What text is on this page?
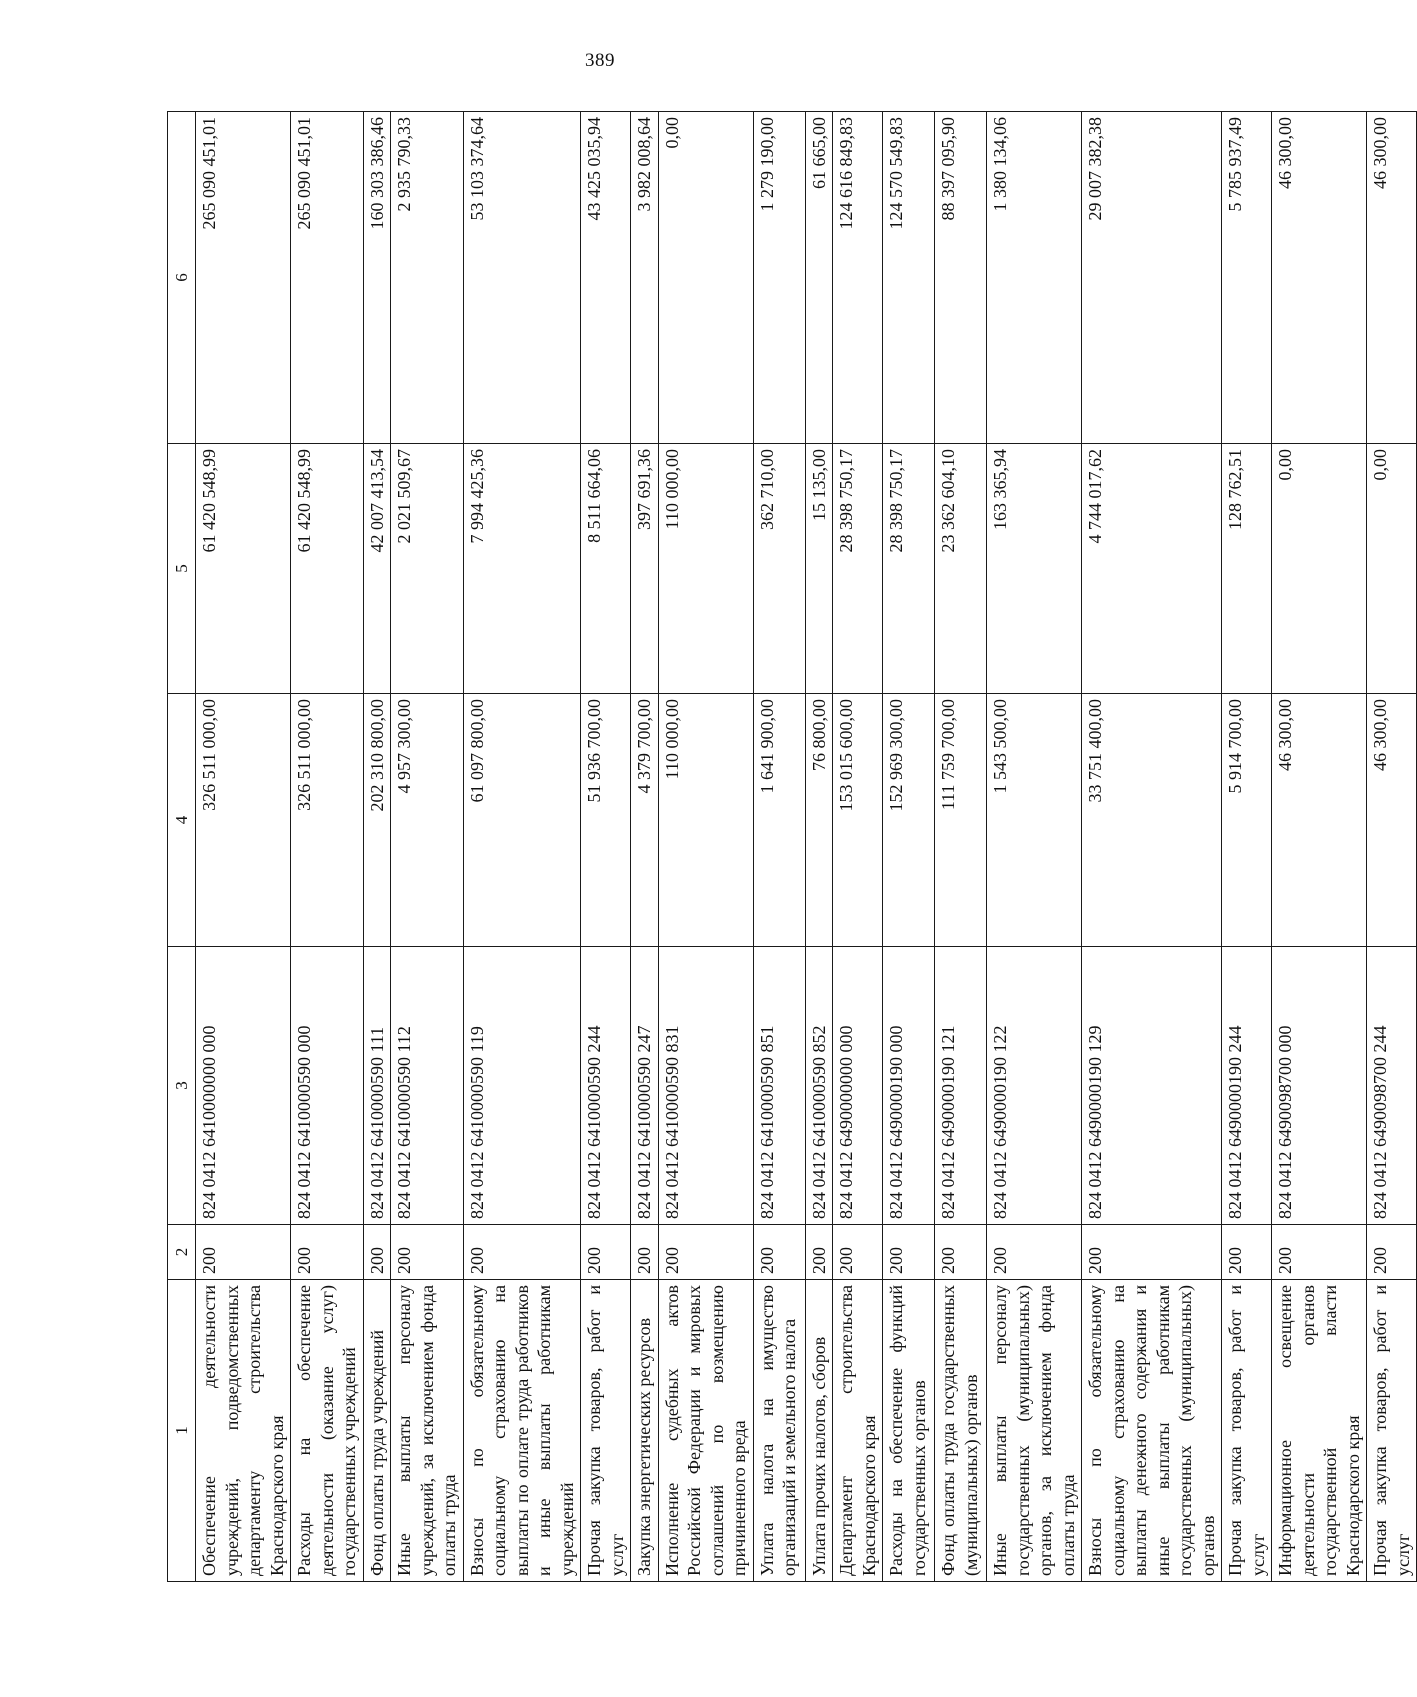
389
1	2	3	4	5	6
Обеспечение деятельности учреждений, подведомственных департаменту строительства Краснодарского края	200	824 0412 6410000000 000	326 511 000,00	61 420 548,99	265 090 451,01
Расходы на обеспечение деятельности (оказание услуг) государственных учреждений	200	824 0412 6410000590 000	326 511 000,00	61 420 548,99	265 090 451,01
Фонд оплаты труда учреждений	200	824 0412 6410000590 111	202 310 800,00	42 007 413,54	160 303 386,46
Иные выплаты персоналу учреждений, за исключением фонда оплаты труда	200	824 0412 6410000590 112	4 957 300,00	2 021 509,67	2 935 790,33
Взносы по обязательному социальному страхованию на выплаты по оплате труда работников и иные выплаты работникам учреждений	200	824 0412 6410000590 119	61 097 800,00	7 994 425,36	53 103 374,64
Прочая закупка товаров, работ и услуг	200	824 0412 6410000590 244	51 936 700,00	8 511 664,06	43 425 035,94
Закупка энергетических ресурсов	200	824 0412 6410000590 247	4 379 700,00	397 691,36	3 982 008,64
Исполнение судебных актов Российской Федерации и мировых соглашений по возмещению причиненного вреда	200	824 0412 6410000590 831	110 000,00	110 000,00	0,00
Уплата налога на имущество организаций и земельного налога	200	824 0412 6410000590 851	1 641 900,00	362 710,00	1 279 190,00
Уплата прочих налогов, сборов	200	824 0412 6410000590 852	76 800,00	15 135,00	61 665,00
Департамент строительства Краснодарского края	200	824 0412 6490000000 000	153 015 600,00	28 398 750,17	124 616 849,83
Расходы на обеспечение функций государственных органов	200	824 0412 6490000190 000	152 969 300,00	28 398 750,17	124 570 549,83
Фонд оплаты труда государственных (муниципальных) органов	200	824 0412 6490000190 121	111 759 700,00	23 362 604,10	88 397 095,90
Иные выплаты персоналу государственных (муниципальных) органов, за исключением фонда оплаты труда	200	824 0412 6490000190 122	1 543 500,00	163 365,94	1 380 134,06
Взносы по обязательному социальному страхованию на выплаты денежного содержания и иные выплаты работникам государственных (муниципальных) органов	200	824 0412 6490000190 129	33 751 400,00	4 744 017,62	29 007 382,38
Прочая закупка товаров, работ и услуг	200	824 0412 6490000190 244	5 914 700,00	128 762,51	5 785 937,49
Информационное освещение деятельности органов государственной власти Краснодарского края	200	824 0412 6490098700 000	46 300,00	0,00	46 300,00
Прочая закупка товаров, работ и услуг	200	824 0412 6490098700 244	46 300,00	0,00	46 300,00
